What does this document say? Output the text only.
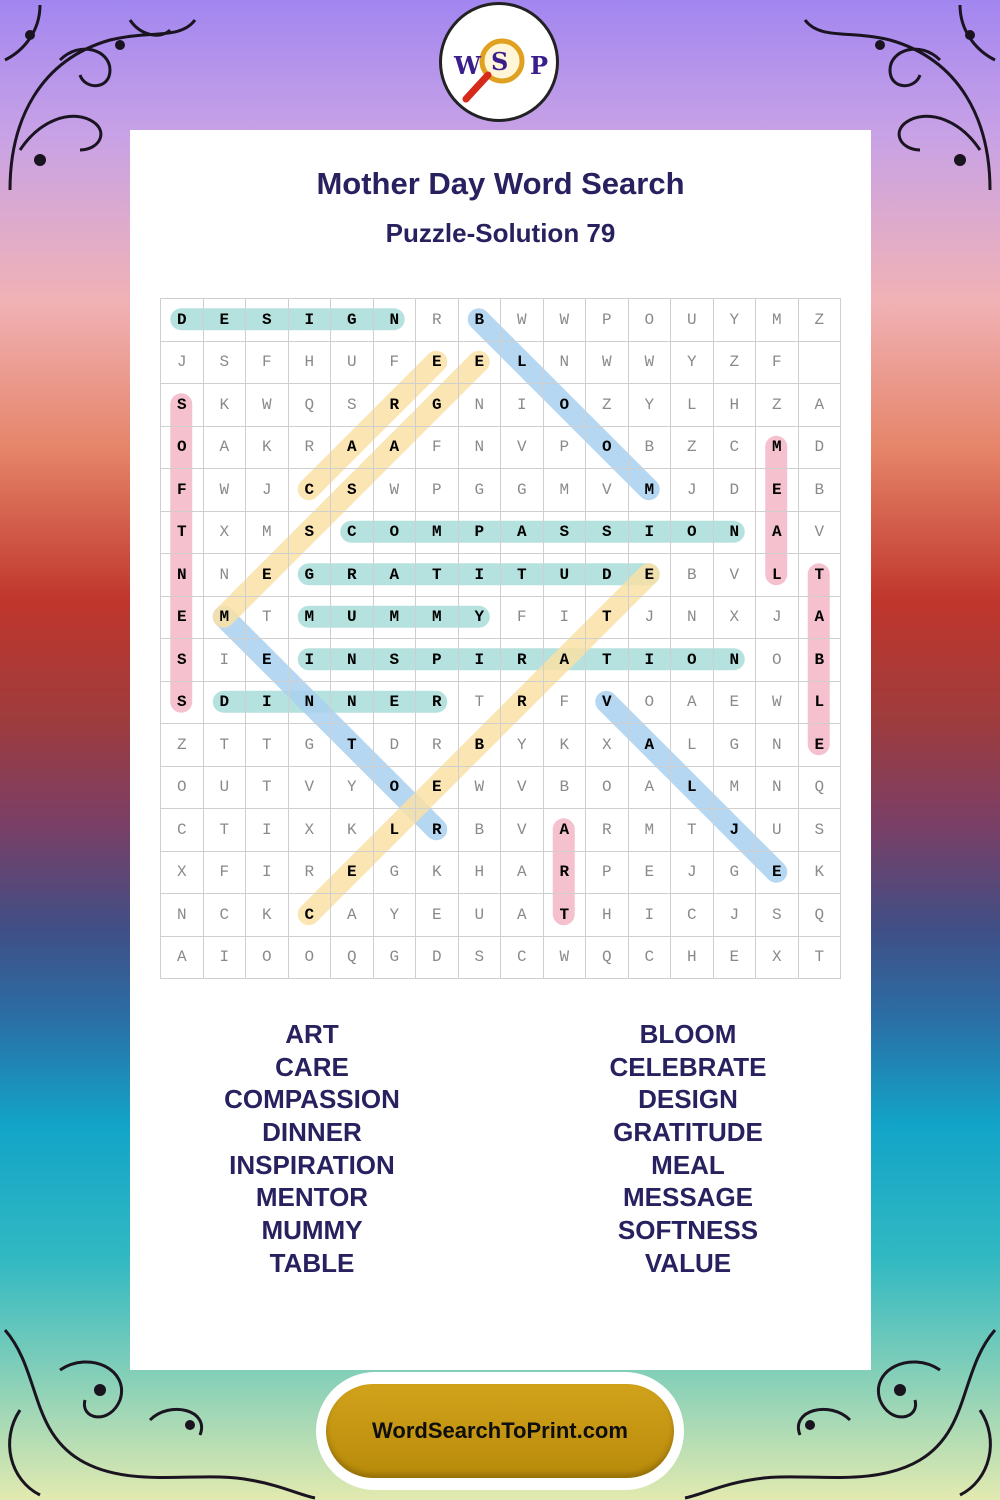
W S P
Mother Day Word Search
Puzzle-Solution 79
D	E	S	I	G	N	R	B	W	W	P	O	U	Y	M	Z
J	S	F	H	U	F	E	E	L	N	W	W	Y	Z	F
S	K	W	Q	S	R	G	N	I	O	Z	Y	L	H	Z	A
O	A	K	R	A	A	F	N	V	P	O	B	Z	C	M	D
F	W	J	C	S	W	P	G	G	M	V	M	J	D	E	B
T	X	M	S	C	O	M	P	A	S	S	I	O	N	A	V
N	N	E	G	R	A	T	I	T	U	D	E	B	V	L	T
E	M	T	M	U	M	M	Y	F	I	T	J	N	X	J	A
S	I	E	I	N	S	P	I	R	A	T	I	O	N	O	B
S	D	I	N	N	E	R	T	R	F	V	O	A	E	W	L
Z	T	T	G	T	D	R	B	Y	K	X	A	L	G	N	E
O	U	T	V	Y	O	E	W	V	B	O	A	L	M	N	Q
C	T	I	X	K	L	R	B	V	A	R	M	T	J	U	S
X	F	I	R	E	G	K	H	A	R	P	E	J	G	E	K
N	C	K	C	A	Y	E	U	A	T	H	I	C	J	S	Q
A	I	O	O	Q	G	D	S	C	W	Q	C	H	E	X	T
ART
CARE
COMPASSION
DINNER
INSPIRATION
MENTOR
MUMMY
TABLE
BLOOM
CELEBRATE
DESIGN
GRATITUDE
MEAL
MESSAGE
SOFTNESS
VALUE
WordSearchToPrint.com
